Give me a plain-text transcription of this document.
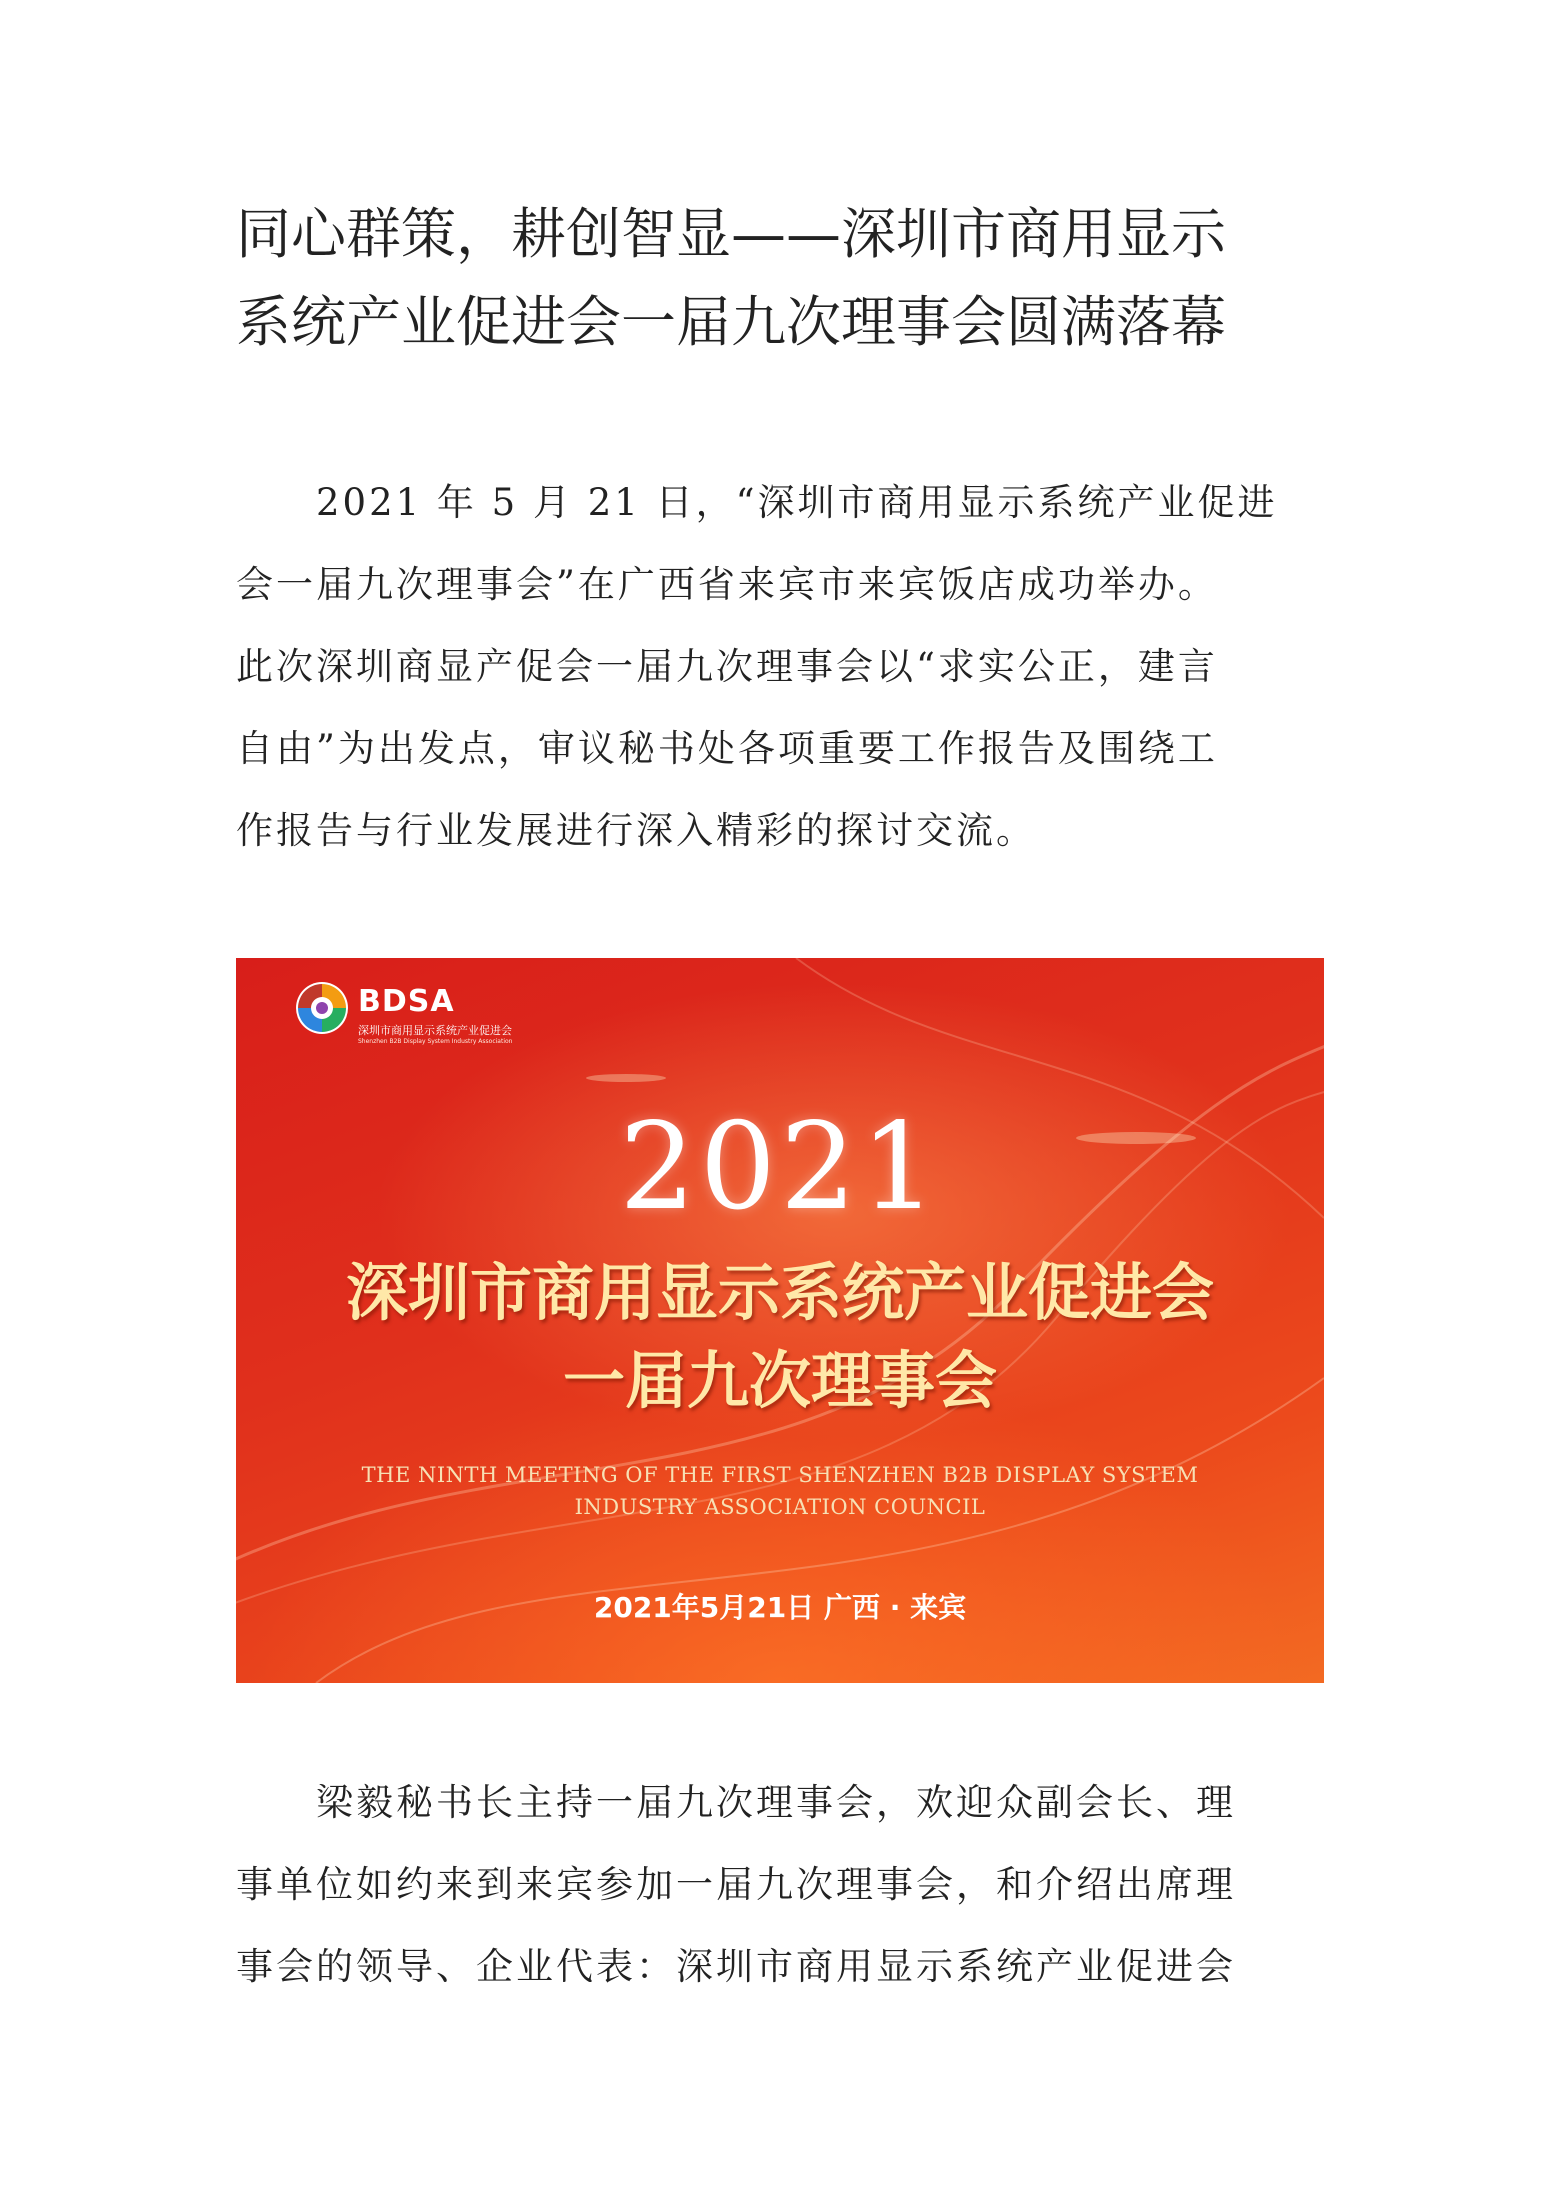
同心群策，耕创智显——深圳市商用显示
系统产业促进会一届九次理事会圆满落幕

　　2021 年 5 月 21 日，“深圳市商用显示系统产业促进
会一届九次理事会”在广西省来宾市来宾饭店成功举办。
此次深圳商显产促会一届九次理事会以“求实公正，建言
自由”为出发点，审议秘书处各项重要工作报告及围绕工
作报告与行业发展进行深入精彩的探讨交流。

BDSA
深圳市商用显示系统产业促进会
Shenzhen B2B Display System Industry Association
2021
深圳市商用显示系统产业促进会
一届九次理事会
THE NINTH MEETING OF THE FIRST SHENZHEN B2B DISPLAY SYSTEM
INDUSTRY ASSOCIATION COUNCIL
2021年5月21日 广西 · 来宾

　　梁毅秘书长主持一届九次理事会，欢迎众副会长、理
事单位如约来到来宾参加一届九次理事会，和介绍出席理
事会的领导、企业代表：深圳市商用显示系统产业促进会
